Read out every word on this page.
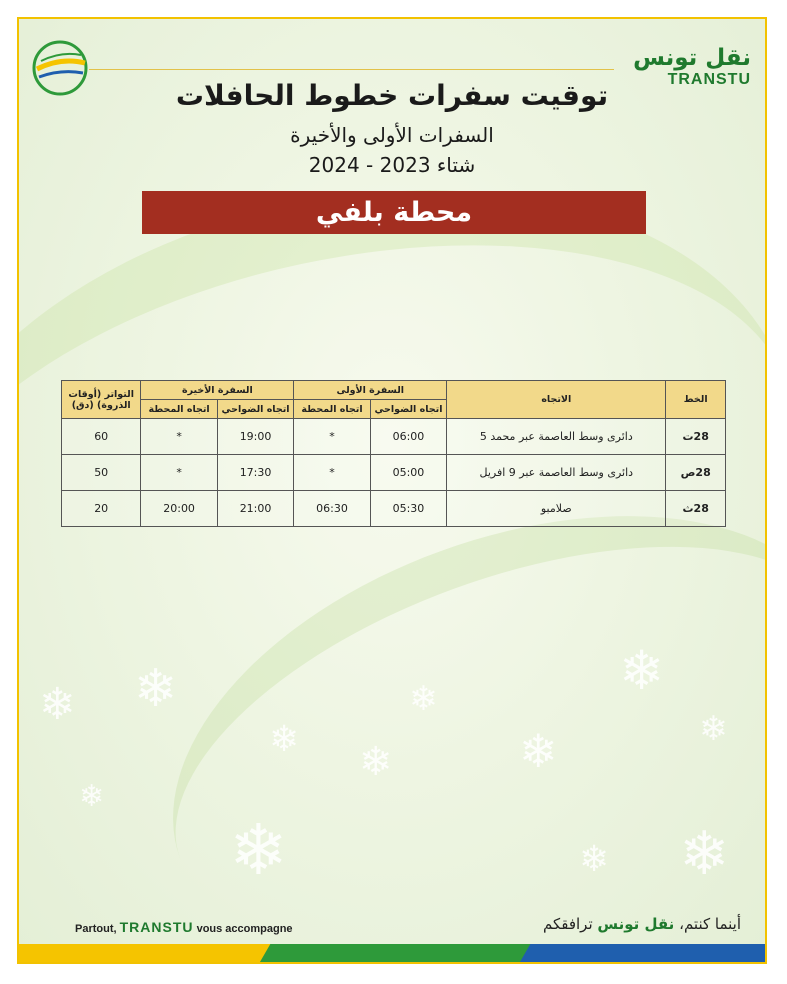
❄ ❄
❄
❄
❄ ❄
❄
❄
❄
❄
❄
❄
نقل تونس
TRANSTU
توقيت سفرات خطوط الحافلات
السفرات الأولى والأخيرة
شتاء 2023 - 2024
محطة بلفي
الخط	الاتجاه	السفرة الأولى		السفرة الأخيرة		التواتر (أوقات الذروة) (دق)
		اتجاه الضواحي	اتجاه المحطة	اتجاه الضواحي	اتجاه المحطة	
28ت	دائرى وسط العاصمة عبر محمد 5	06:00	*	19:00	*	60
28ص	دائرى وسط العاصمة عبر 9 افريل	05:00	*	17:30	*	50
28ث	صلامبو	05:30	06:30	21:00	20:00	20
Partout, TRANSTU vous accompagne	أينما كنتم، نقل تونس ترافقكم
